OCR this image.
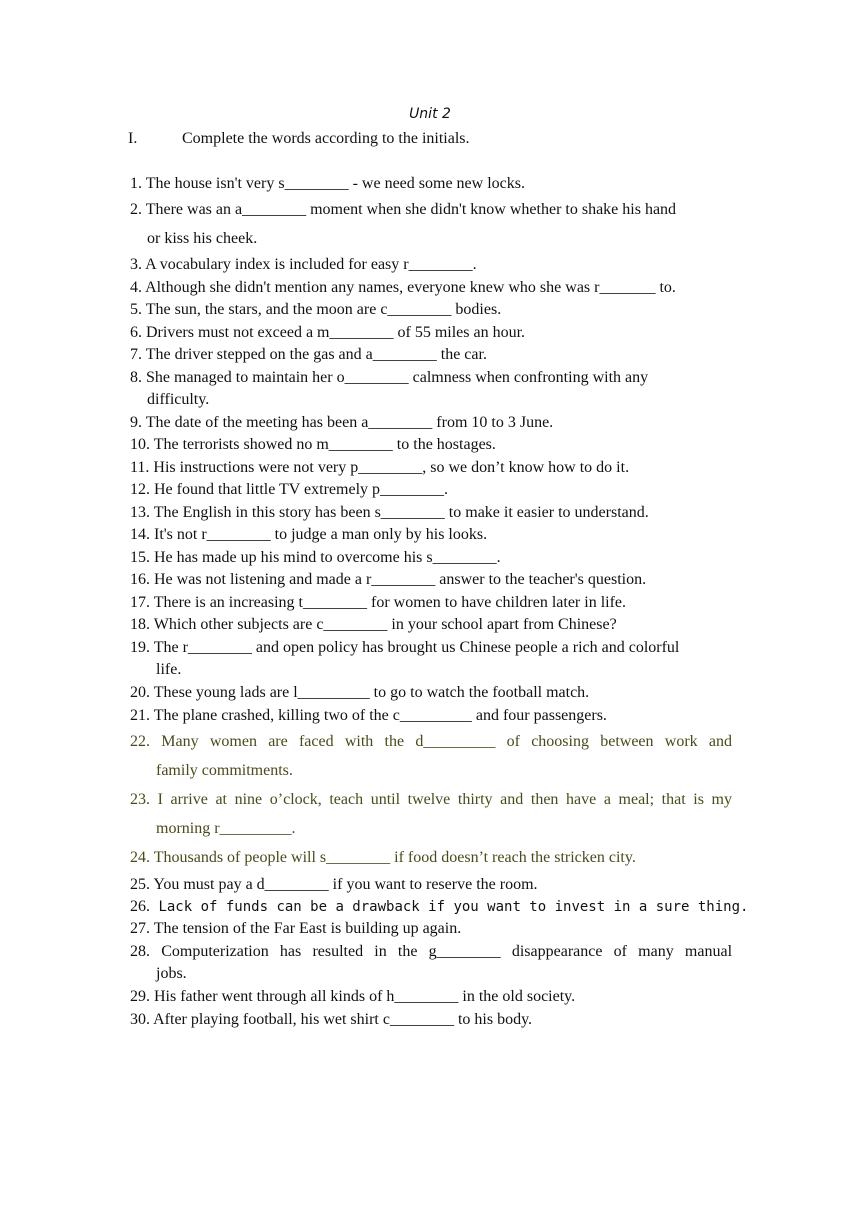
Unit 2
I.	Complete the words according to the initials.
1. The house isn't very s________ - we need some new locks.
2. There was an a________ moment when she didn't know whether to shake his hand
or kiss his cheek.
3. A vocabulary index is included for easy r________.
4. Although she didn't mention any names, everyone knew who she was r_______ to.
5. The sun, the stars, and the moon are c________ bodies.
6. Drivers must not exceed a m________ of 55 miles an hour.
7. The driver stepped on the gas and a________ the car.
8. She managed to maintain her o________ calmness when confronting with any
difficulty.
9. The date of the meeting has been a________ from 10 to 3 June.
10. The terrorists showed no m________ to the hostages.
11. His instructions were not very p________, so we don’t know how to do it.
12. He found that little TV extremely p________.
13. The English in this story has been s________ to make it easier to understand.
14. It's not r________ to judge a man only by his looks.
15. He has made up his mind to overcome his s________.
16. He was not listening and made a r________ answer to the teacher's question.
17. There is an increasing t________ for women to have children later in life.
18. Which other subjects are c________ in your school apart from Chinese?
19. The r________ and open policy has brought us Chinese people a rich and colorful
life.
20. These young lads are l_________ to go to watch the football match.
21. The plane crashed, killing two of the c_________ and four passengers.
22. Many women are faced with the d_________ of choosing between work and
family commitments.
23. I arrive at nine o’clock, teach until twelve thirty and then have a meal; that is my
morning r_________.
24. Thousands of people will s________ if food doesn’t reach the stricken city.
25. You must pay a d________ if you want to reserve the room.
26. Lack of funds can be a drawback if you want to invest in a sure thing.
27. The tension of the Far East is building up again.
28. Computerization has resulted in the g________ disappearance of many manual
jobs.
29. His father went through all kinds of h________ in the old society.
30. After playing football, his wet shirt c________ to his body.
